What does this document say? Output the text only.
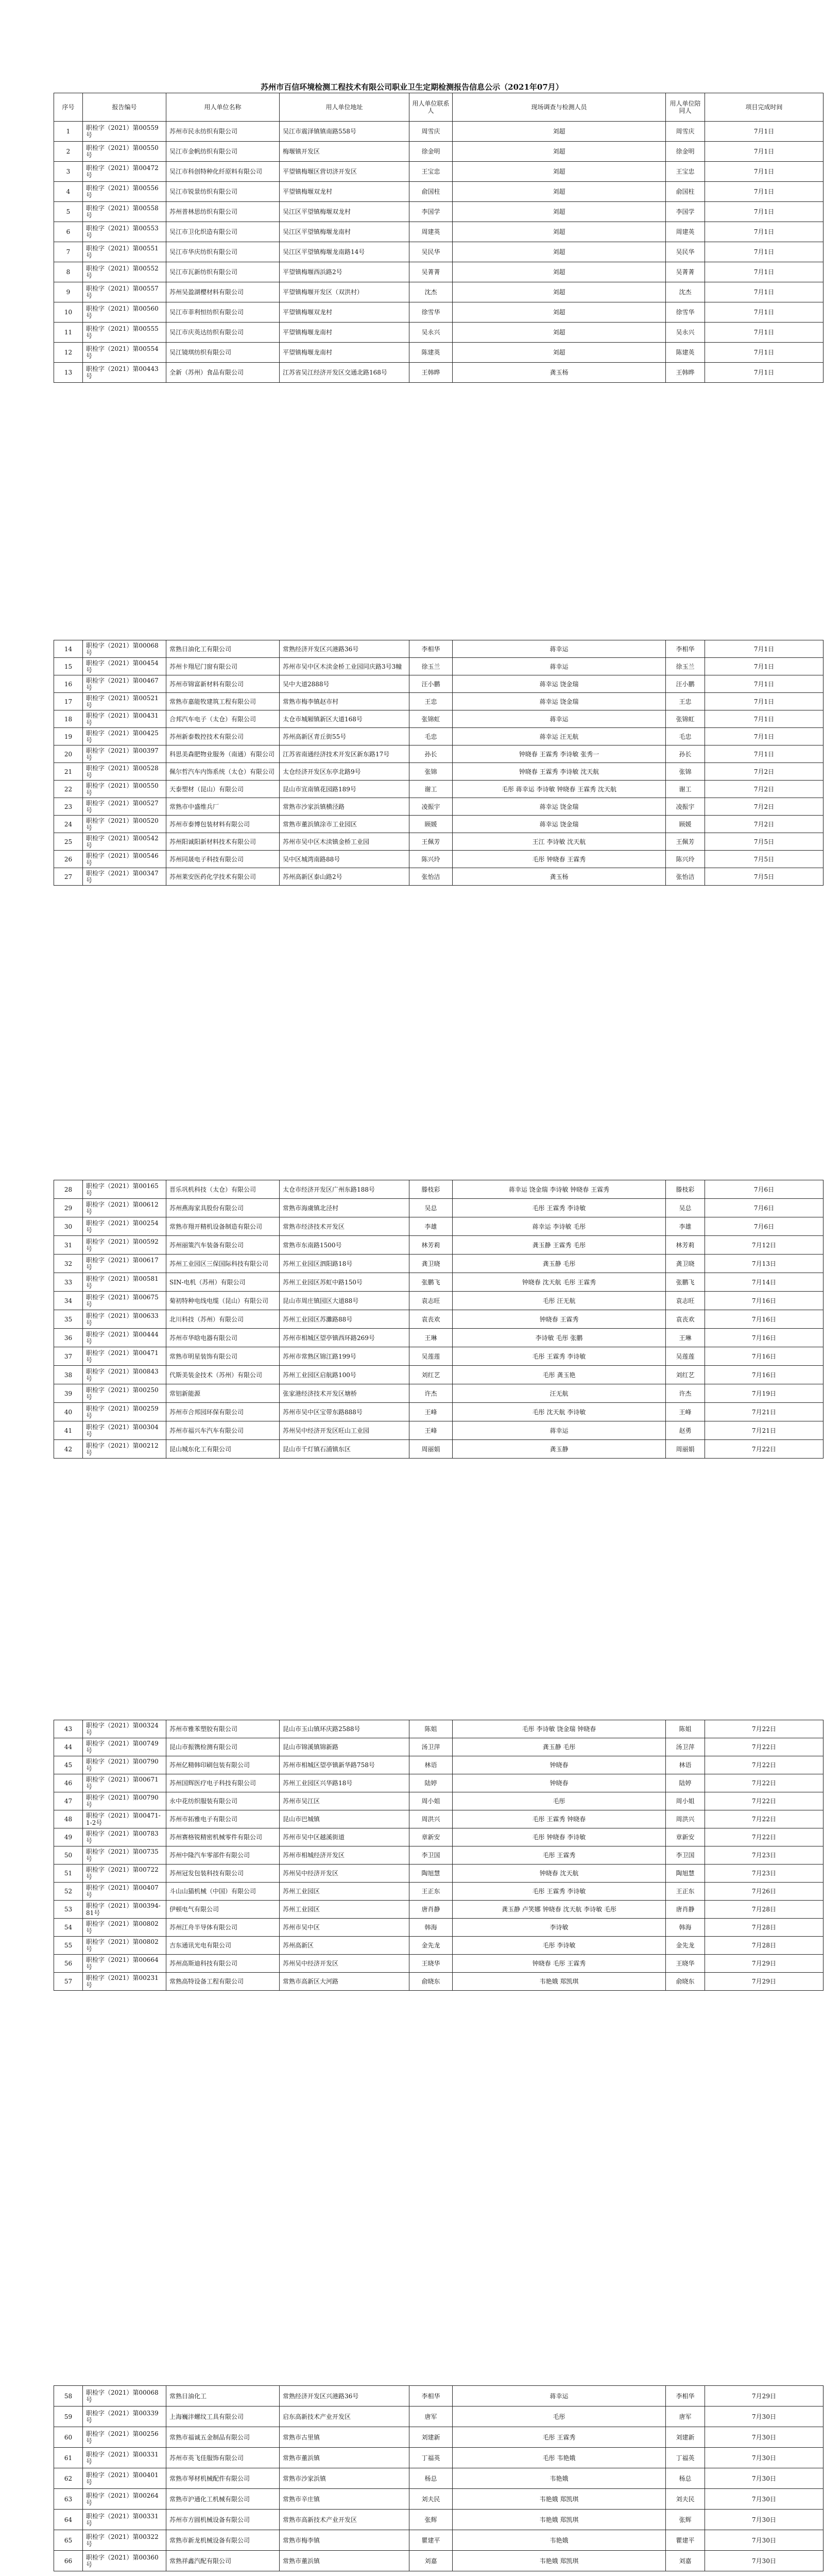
苏州市百信环境检测工程技术有限公司职业卫生定期检测报告信息公示（2021年07月）
序号	报告编号	用人单位名称	用人单位地址	用人单位联系人	现场调查与检测人员	用人单位陪同人	项目完成时间
1	职检字（2021）第00559号	苏州市民永纺织有限公司	吴江市震泽镇镇南路558号	周雪庆	刘超	周雪庆	7月1日
2	职检字（2021）第00550号	吴江市金帆纺织有限公司	梅堰镇开发区	徐金明	刘超	徐金明	7月1日
3	职检字（2021）第00472号	吴江市科创特种化纤原料有限公司	平望镇梅堰区营切济开发区	王宝忠	刘超	王宝忠	7月1日
4	职检字（2021）第00556号	吴江市锐景纺织有限公司	平望镇梅堰双龙村	俞国柱	刘超	俞国柱	7月1日
5	职检字（2021）第00558号	苏州普林思纺织有限公司	吴江区平望镇梅堰双龙村	李国学	刘超	李国学	7月1日
6	职检字（2021）第00553号	吴江市卫化织造有限公司	吴江区平望镇梅堰龙南村	周建英	刘超	周建英	7月1日
7	职检字（2021）第00551号	吴江市华庆纺织有限公司	吴江区平望镇梅堰龙南路14号	吴民华	刘超	吴民华	7月1日
8	职检字（2021）第00552号	吴江市瓦新纺织有限公司	平望镇梅堰西浜路2号	吴菁菁	刘超	吴菁菁	7月1日
9	职检字（2021）第00557号	苏州吴盈湖樱材料有限公司	平望镇梅堰开发区（双洪村）	沈杰	刘超	沈杰	7月1日
10	职检字（2021）第00560号	吴江市菲利恒纺织有限公司	平望镇梅堰双龙村	徐雪华	刘超	徐雪华	7月1日
11	职检字（2021）第00555号	吴江市庆英达纺织有限公司	平望镇梅堰龙南村	吴永兴	刘超	吴永兴	7月1日
12	职检字（2021）第00554号	吴江镜琪纺织有限公司	平望镇梅堰龙南村	陈建英	刘超	陈建英	7月1日
13	职检字（2021）第00443号	全新（苏州）食品有限公司	江苏省吴江经济开发区交通北路168号	王韩晔	龚玉杨	王韩晔	7月1日
14	职检字（2021）第00068号	常熟日油化工有限公司	常熟经济开发区兴港路36号	李相华	蒋幸运	李相华	7月1日
15	职检字（2021）第00454号	苏州卡翔尼门窗有限公司	苏州市吴中区木渎金桥工业园同庆路3号3幢	徐玉兰	蒋幸运	徐玉兰	7月1日
16	职检字（2021）第00467号	苏州市锦富新材料有限公司	吴中大道2888号	汪小鹏	蒋幸运 饶金瑞	汪小鹏	7月1日
17	职检字（2021）第00521号	常熟市嘉能牧建筑工程有限公司	常熟市梅李镇赵市村	王忠	蒋幸运 饶金瑞	王忠	7月1日
18	职检字（2021）第00431号	合邦汽车电子（太仓）有限公司	太仓市城厢镇新区大道168号	张锦虹	蒋幸运	张锦虹	7月1日
19	职检字（2021）第00425号	苏州新泰数控技术有限公司	苏州高新区青丘街55号	毛忠	蒋幸运 汪无航	毛忠	7月1日
20	职检字（2021）第00397号	科思美森肥物业服务（南通）有限公司	江苏省南通经济技术开发区新东路17号	孙长	钟晓春 王霖秀 李诗敏 张秀一	孙长	7月1日
21	职检字（2021）第00528号	佩尔哲汽车内饰系统（太仓）有限公司	太仓经济开发区东亭北路9号	张锦	钟晓春 王霖秀 李诗敏 沈天航	张锦	7月2日
22	职检字（2021）第00550号	天泰塑材（昆山）有限公司	昆山市宣南镇花园路189号	谢工	毛彤 蒋幸运 李诗敏 钟晓春 王霖秀 沈天航	谢工	7月2日
23	职检字（2021）第00527号	常熟市中盛维兵厂	常熟市沙家浜镇横泾路	凌振宇	蒋幸运 饶金瑞	凌振宇	7月2日
24	职检字（2021）第00520号	苏州市泰博包装材料有限公司	常熟市董浜镇涂市工业园区	顾媛	蒋幸运 饶金瑞	顾媛	7月2日
25	职检字（2021）第00542号	苏州阳诚阳新材料技术有限公司	苏州市吴中区木渎镇金桥工业园	王佩芳	王江 李诗敏 沈天航	王佩芳	7月5日
26	职检字（2021）第00546号	苏州同晟电子科技有限公司	吴中区城湾南路88号	陈兴玲	毛彤 钟晓春 王霖秀	陈兴玲	7月5日
27	职检字（2021）第00347号	苏州莱安医药化学技术有限公司	苏州高新区泰山路2号	张怡洁	龚玉杨	张怡洁	7月5日
28	职检字（2021）第00165号	晋乐巩机科技（太仓）有限公司	太仓市经济开发区广州东路188号	滕枝彩	蒋幸运 饶金瑞 李诗敏 钟晓春 王霖秀	滕枝彩	7月6日
29	职检字（2021）第00612号	苏州燕海家具股份有限公司	常熟市海虞镇北泾村	吴总	毛彤 王霖秀 李诗敏	吴总	7月6日
30	职检字（2021）第00254号	常熟市翔开精机设备制造有限公司	常熟市经济技术开发区	李雄	蒋幸运 李诗敏 毛彤	李雄	7月6日
31	职检字（2021）第00592号	苏州丽策汽车装备有限公司	常熟市东南路1500号	林芳莉	龚玉静 王霖秀 毛彤	林芳莉	7月12日
32	职检字（2021）第00617号	苏州工业园区三保国际科技有限公司	苏州工业园区泗阳路18号	龚卫晓	龚玉静 毛彤	龚卫晓	7月13日
33	职检字（2021）第00581号	SIN-电机（苏州）有限公司	苏州工业园区苏虹中路150号	张鹏飞	钟晓春 沈天航 毛彤 王霖秀	张鹏飞	7月14日
34	职检字（2021）第00675号	菊初特种电线电缆（昆山）有限公司	昆山市周庄镇园区大道88号	袁志旺	毛彤 汪无航	袁志旺	7月16日
35	职检字（2021）第00633号	北川科技（苏州）有限公司	苏州工业园区苏灘路88号	袁丧欢	钟晓春 王霖秀	袁丧欢	7月16日
36	职检字（2021）第00444号	苏州市华晗电器有限公司	苏州市相城区望亭镇西环路269号	王琳	李诗敏 毛彤 张鹏	王琳	7月16日
37	职检字（2021）第00471号	常熟市明星装饰有限公司	苏州市常熟区锦江路199号	吴莲莲	毛彤 王霖秀 李诗敏	吴莲莲	7月16日
38	职检字（2021）第00843号	代斯美装金技术（苏州）有限公司	苏州工业园区启航路100号	刘红艺	毛彤 龚玉艳	刘红艺	7月16日
39	职检字（2021）第00250号	常铝新能源	张家港经济技术开发区塘桥	许杰	汪无航	许杰	7月19日
40	职检字（2021）第00259号	苏州市合邦园环保有限公司	苏州市吴中区宝带东路888号	王峰	毛彤 沈天航 李诗敏	王峰	7月21日
41	职检字（2021）第00304号	苏州市福兴车汽车有限公司	苏州吴中经济开发区旺山工业园	王峰	蒋幸运	赵勇	7月21日
42	职检字（2021）第00212号	昆山城东化工有限公司	昆山市千灯镇石浦镇东区	周丽娟	龚玉静	周丽娟	7月22日
43	职检字（2021）第00324号	苏州市雅苯塑胶有限公司	昆山市玉山镇环庆路2588号	陈姐	毛彤 李诗敏 饶金瑞 钟晓春	陈姐	7月22日
44	职检字（2021）第00749号	昆山市振镌检测有限公司	昆山市锦溪镇锦新路	汤卫萍	龚玉静 毛彤	汤卫萍	7月22日
45	职检字（2021）第00790号	苏州亿精韩印刷包装有限公司	苏州市相城区望亭镇新华路758号	林语	钟晓春	林语	7月22日
46	职检字（2021）第00671号	苏州国辉医疗电子科技有限公司	苏州工业园区兴华路18号	陆婷	钟晓春	陆婷	7月22日
47	职检字（2021）第00790号	永中花纺织服装有限公司	苏州市吴江区	周小姐	毛彤	周小姐	7月22日
48	职检字（2021）第00471-1-2号	苏州市拓雅电子有限公司	昆山市巴城镇	周洪兴	毛彤 王霖秀 钟晓春	周洪兴	7月22日
49	职检字（2021）第00783号	苏州赛格锐精密机械零件有限公司	苏州市吴中区越溪街道	章新安	毛彤 钟晓春 李诗敏	章新安	7月22日
50	职检字（2021）第00735号	苏州中隆汽车零部件有限公司	苏州市相城经济开发区	李卫国	毛彤 王霖秀	李卫国	7月23日
51	职检字（2021）第00722号	苏州冠发包装科技有限公司	苏州吴中经济开发区	陶旭慧	钟晓春 沈天航	陶旭慧	7月23日
52	职检字（2021）第00407号	斗山山猫机械（中国）有限公司	苏州工业园区	王正东	毛彤 王霖秀 李诗敏	王正东	7月26日
53	职检字（2021）第00394-81号	伊顿电气有限公司	苏州工业园区	唐肖静	龚玉静 卢笑娜 钟晓春 沈天航 李诗敏 毛彤	唐肖静	7月28日
54	职检字（2021）第00802号	苏州江舟半导体有限公司	苏州市吴中区	韩海	李诗敏	韩海	7月28日
55	职检字（2021）第00802号	吉东通讯光电有限公司	苏州高新区	金先龙	毛彤 李诗敏	金先龙	7月28日
56	职检字（2021）第00664号	苏州高斯迪科技有限公司	苏州吴中经济开发区	王晓华	钟晓春 毛彤 王霖秀	王晓华	7月29日
57	职检字（2021）第00231号	常熟高特设备工程有限公司	常熟市高新区大河路	俞晓东	韦艳娥 郑凯琪	俞晓东	7月29日
58	职检字（2021）第00068号	常熟日油化工	常熟经济开发区兴港路36号	李相华	蒋幸运	李相华	7月29日
59	职检字（2021）第00339号	上海巍沣螺纹工具有限公司	启东高新技术产业开发区	唐军	毛彤	唐军	7月30日
60	职检字（2021）第00256号	常熟市福诚五金制品有限公司	常熟市古里镇	刘建新	毛彤 王霖秀	刘建新	7月30日
61	职检字（2021）第00331号	苏州市英飞佳服饰有限公司	常熟市董浜镇	丁福英	毛彤 韦艳娥	丁福英	7月30日
62	职检字（2021）第00401号	常熟市琴材机械配件有限公司	常熟市沙家浜镇	杨总	韦艳娥	杨总	7月30日
63	职检字（2021）第00264号	常熟市沪通化工机械有限公司	常熟市辛庄镇	刘夫民	韦艳娥 郑凯琪	刘夫民	7月30日
64	职检字（2021）第00331号	苏州市方圆机械设备有限公司	常熟市高新技术产业开发区	张辉	韦艳娥 郑凯琪	张辉	7月30日
65	职检字（2021）第00322号	常熟市新龙机械设备有限公司	常熟市梅李镇	瞿建平	韦艳娥	瞿建平	7月30日
66	职检字（2021）第00360号	常熟祥鑫汽配有限公司	常熟市董浜镇	刘嘉	韦艳娥 郑凯琪	刘嘉	7月30日
